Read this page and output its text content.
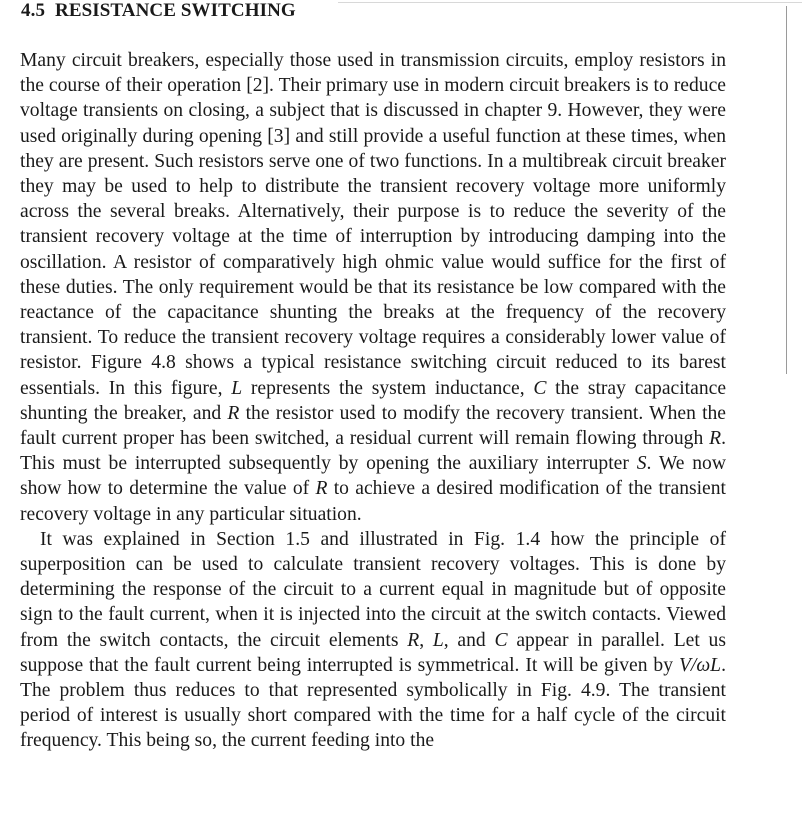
4.5 RESISTANCE SWITCHING

Many circuit breakers, especially those used in transmission circuits, employ resistors in the course of their operation [2]. Their primary use in modern circuit breakers is to reduce voltage transients on closing, a subject that is discussed in chapter 9. However, they were used originally during opening [3] and still provide a useful function at these times, when they are present. Such resistors serve one of two functions. In a multibreak circuit breaker they may be used to help to distribute the transient recovery voltage more uniformly across the several breaks. Alternatively, their purpose is to reduce the severity of the transient recovery voltage at the time of interruption by introducing damping into the oscillation. A resistor of comparatively high ohmic value would suffice for the first of these duties. The only requirement would be that its resistance be low compared with the reactance of the capacitance shunting the breaks at the frequency of the recovery transient. To reduce the transient recovery voltage requires a considerably lower value of resistor. Figure 4.8 shows a typical resistance switching circuit reduced to its barest essentials. In this figure, L represents the system inductance, C the stray capacitance shunting the breaker, and R the resistor used to modify the recovery transient. When the fault current proper has been switched, a residual current will remain flowing through R. This must be interrupted subsequently by opening the auxiliary interrupter S. We now show how to determine the value of R to achieve a desired modification of the transient recovery voltage in any particular situation.

It was explained in Section 1.5 and illustrated in Fig. 1.4 how the principle of superposition can be used to calculate transient recovery voltages. This is done by determining the response of the circuit to a current equal in magnitude but of opposite sign to the fault current, when it is injected into the circuit at the switch contacts. Viewed from the switch contacts, the circuit elements R, L, and C appear in parallel. Let us suppose that the fault current being interrupted is symmetrical. It will be given by V/ωL. The problem thus reduces to that represented symbolically in Fig. 4.9. The transient period of interest is usually short compared with the time for a half cycle of the circuit frequency. This being so, the current feeding into the
